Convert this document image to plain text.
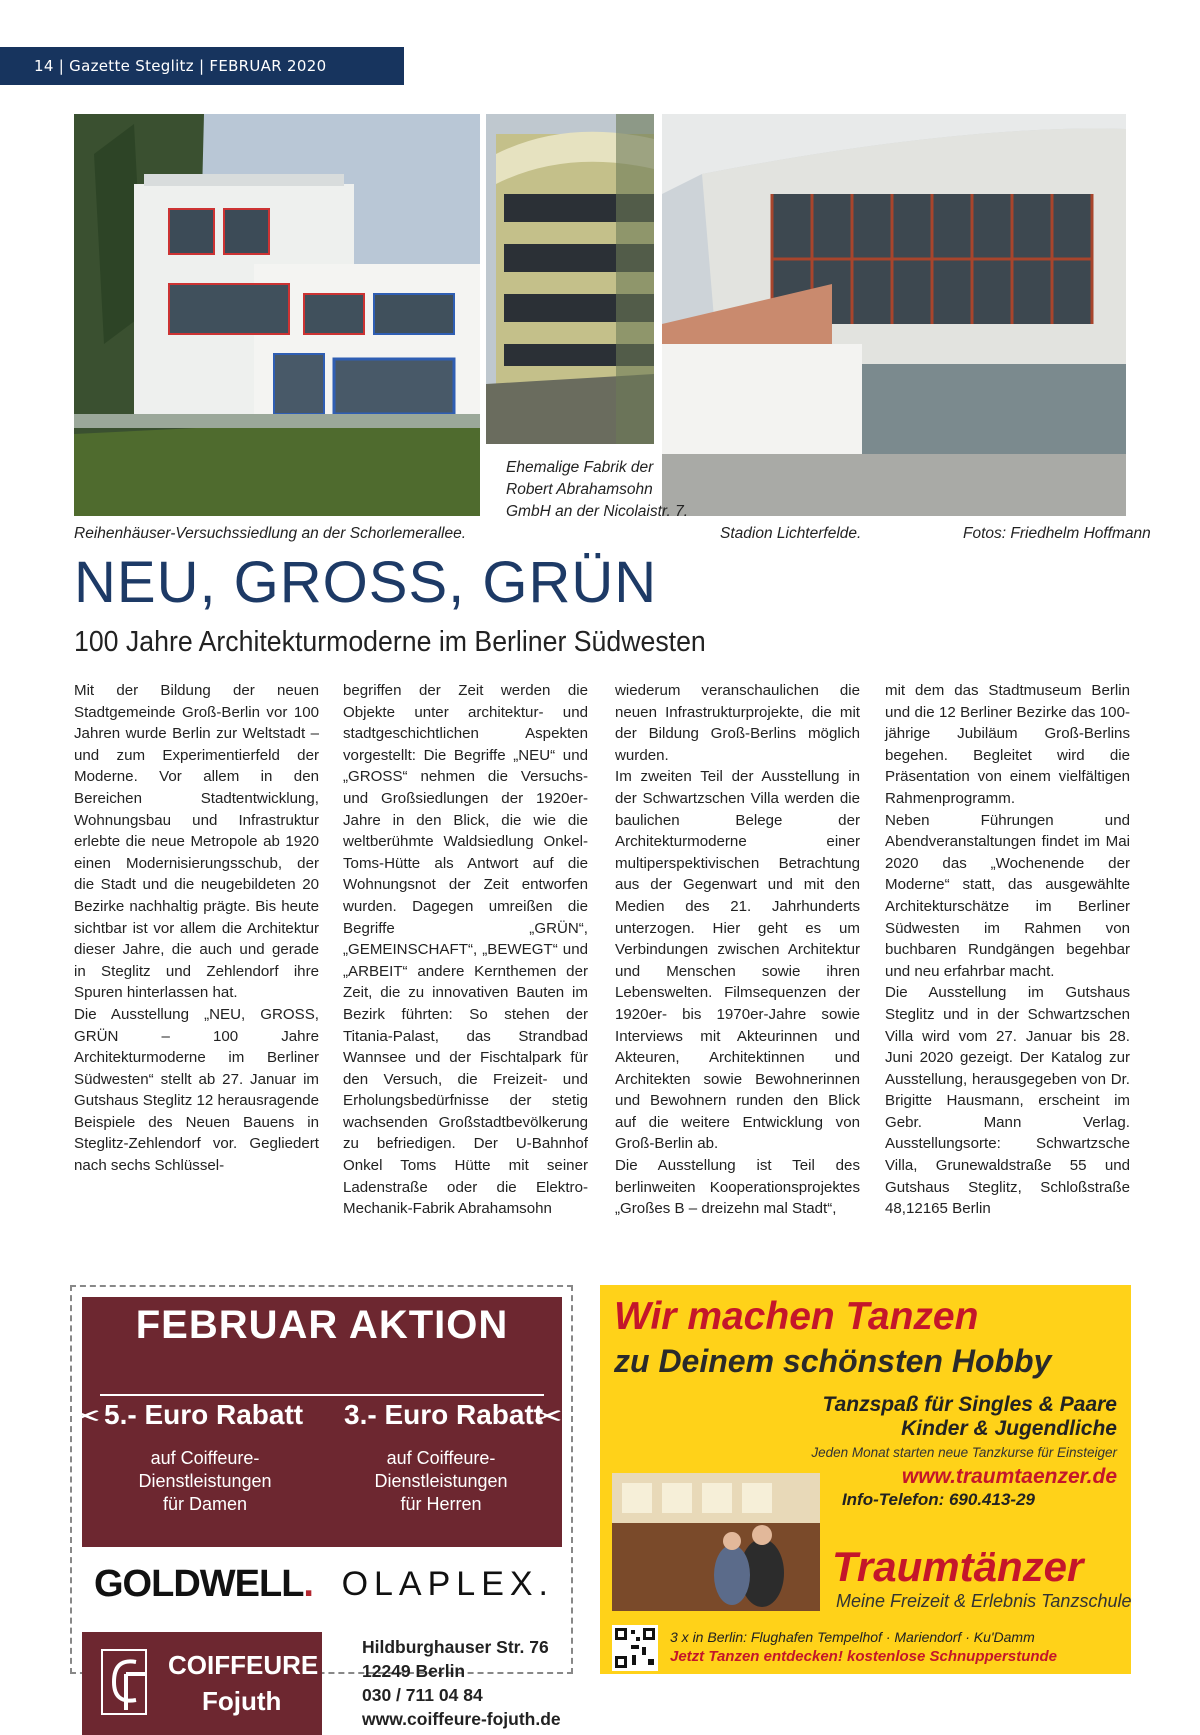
14 | Gazette Steglitz | FEBRUAR 2020
Reihenhäuser-Versuchssiedlung an der Schorlemerallee.
Ehemalige Fabrik der
Robert Abrahamsohn
GmbH an der Nicolaistr. 7.
Stadion Lichterfelde.	Fotos: Friedhelm Hoffmann
NEU, GROSS, GRÜN
100 Jahre Architekturmoderne im Berliner Südwesten

Mit der Bildung der neuen Stadtgemeinde Groß-Berlin vor 100 Jahren wurde Berlin zur Weltstadt – und zum Experimentierfeld der Moderne. Vor allem in den Bereichen Stadtentwicklung, Wohnungsbau und Infrastruktur erlebte die neue Metropole ab 1920 einen Modernisierungsschub, der die Stadt und die neugebildeten 20 Bezirke nachhaltig prägte. Bis heute sichtbar ist vor allem die Architektur dieser Jahre, die auch und gerade in Steglitz und Zehlendorf ihre Spuren hinterlassen hat.

Die Ausstellung „NEU, GROSS, GRÜN – 100 Jahre Architekturmoderne im Berliner Südwesten“ stellt ab 27. Januar im Gutshaus Steglitz 12 herausragende Beispiele des Neuen Bauens in Steglitz-Zehlendorf vor. Gegliedert nach sechs Schlüssel-

begriffen der Zeit werden die Objekte unter architektur- und stadtgeschichtlichen Aspekten vorgestellt: Die Begriffe „NEU“ und „GROSS“ nehmen die Versuchs- und Großsiedlungen der 1920er-Jahre in den Blick, die wie die weltberühmte Waldsiedlung Onkel-Toms-Hütte als Antwort auf die Wohnungsnot der Zeit entworfen wurden. Dagegen umreißen die Begriffe „GRÜN“, „GEMEINSCHAFT“, „BEWEGT“ und „ARBEIT“ andere Kernthemen der Zeit, die zu innovativen Bauten im Bezirk führten: So stehen der Titania-Palast, das Strandbad Wannsee und der Fischtalpark für den Versuch, die Freizeit- und Erholungsbedürfnisse der stetig wachsenden Großstadtbevölkerung zu befriedigen. Der U-Bahnhof Onkel Toms Hütte mit seiner Ladenstraße oder die Elektro-Mechanik-Fabrik Abrahamsohn

wiederum veranschaulichen die neuen Infrastrukturprojekte, die mit der Bildung Groß-Berlins möglich wurden.

Im zweiten Teil der Ausstellung in der Schwartzschen Villa werden die baulichen Belege der Architekturmoderne einer multiperspektivischen Betrachtung aus der Gegenwart und mit den Medien des 21. Jahrhunderts unterzogen. Hier geht es um Verbindungen zwischen Architektur und Menschen sowie ihren Lebenswelten. Filmsequenzen der 1920er- bis 1970er-Jahre sowie Interviews mit Akteurinnen und Akteuren, Architektinnen und Architekten sowie Bewohnerinnen und Bewohnern runden den Blick auf die weitere Entwicklung von Groß-Berlin ab.

Die Ausstellung ist Teil des berlinweiten Kooperationsprojektes „Großes B – dreizehn mal Stadt“,

mit dem das Stadtmuseum Berlin und die 12 Berliner Bezirke das 100-jährige Jubiläum Groß-Berlins begehen. Begleitet wird die Präsentation von einem vielfältigen Rahmenprogramm.

Neben Führungen und Abendveranstaltungen findet im Mai 2020 das „Wochenende der Moderne“ statt, das ausgewählte Architekturschätze im Berliner Südwesten im Rahmen von buchbaren Rundgängen begehbar und neu erfahrbar macht.

Die Ausstellung im Gutshaus Steglitz und in der Schwartzschen Villa wird vom 27. Januar bis 28. Juni 2020 gezeigt. Der Katalog zur Ausstellung, herausgegeben von Dr. Brigitte Hausmann, erscheint im Gebr. Mann Verlag. Ausstellungsorte: Schwartzsche Villa, Grunewaldstraße 55 und Gutshaus Steglitz, Schloßstraße 48,12165 Berlin

FEBRUAR AKTION
5.- Euro Rabatt 3.- Euro Rabatt
auf Coiffeure-
Dienstleistungen
für Damen
auf Coiffeure-
Dienstleistungen
für Herren
✂	✂
GOLDWELL. OLAPLEX.
COIFFEURE
Fojuth
Hildburghauser Str. 76
12249 Berlin
030 / 711 04 84
www.coiffeure-fojuth.de
Wir machen Tanzen
zu Deinem schönsten Hobby
Tanzspaß für Singles & Paare
Kinder & Jugendliche
Jeden Monat starten neue Tanzkurse für Einsteiger
www.traumtaenzer.de
Info-Telefon: 690.413-29
Traumtänzer
Meine Freizeit & Erlebnis Tanzschule
3 x in Berlin: Flughafen Tempelhof · Mariendorf · Ku'Damm
Jetzt Tanzen entdecken! kostenlose Schnupperstunde
